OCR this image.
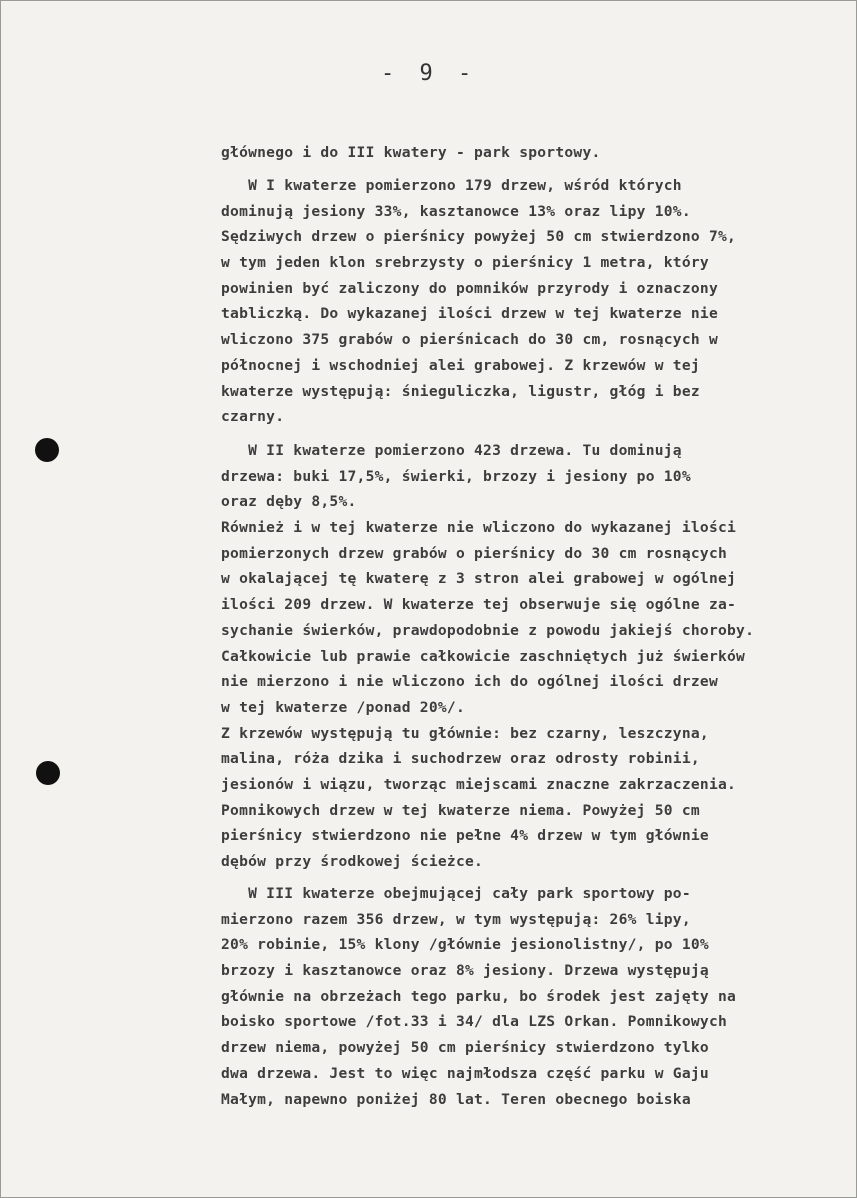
- 9 -
głównego i do III kwatery - park sportowy.
W I kwaterze pomierzono 179 drzew, wśród których
dominują jesiony 33%, kasztanowce 13% oraz lipy 10%.
Sędziwych drzew o pierśnicy powyżej 50 cm stwierdzono 7%,
w tym jeden klon srebrzysty o pierśnicy 1 metra, który
powinien być zaliczony do pomników przyrody i oznaczony
tabliczką. Do wykazanej ilości drzew w tej kwaterze nie
wliczono 375 grabów o pierśnicach do 30 cm, rosnących w
północnej i wschodniej alei grabowej. Z krzewów w tej
kwaterze występują: śnieguliczka, ligustr, głóg i bez
czarny.
W II kwaterze pomierzono 423 drzewa. Tu dominują
drzewa: buki 17,5%, świerki, brzozy i jesiony po 10%
oraz dęby 8,5%.
Również i w tej kwaterze nie wliczono do wykazanej ilości
pomierzonych drzew grabów o pierśnicy do 30 cm rosnących
w okalającej tę kwaterę z 3 stron alei grabowej w ogólnej
ilości 209 drzew. W kwaterze tej obserwuje się ogólne za-
sychanie świerków, prawdopodobnie z powodu jakiejś choroby.
Całkowicie lub prawie całkowicie zaschniętych już świerków
nie mierzono i nie wliczono ich do ogólnej ilości drzew
w tej kwaterze /ponad 20%/.
Z krzewów występują tu głównie: bez czarny, leszczyna,
malina, róża dzika i suchodrzew oraz odrosty robinii,
jesionów i wiązu, tworząc miejscami znaczne zakrzaczenia.
Pomnikowych drzew w tej kwaterze niema. Powyżej 50 cm
pierśnicy stwierdzono nie pełne 4% drzew w tym głównie
dębów przy środkowej ścieżce.
W III kwaterze obejmującej cały park sportowy po-
mierzono razem 356 drzew, w tym występują: 26% lipy,
20% robinie, 15% klony /głównie jesionolistny/, po 10%
brzozy i kasztanowce oraz 8% jesiony. Drzewa występują
głównie na obrzeżach tego parku, bo środek jest zajęty na
boisko sportowe /fot.33 i 34/ dla LZS Orkan. Pomnikowych
drzew niema, powyżej 50 cm pierśnicy stwierdzono tylko
dwa drzewa. Jest to więc najmłodsza część parku w Gaju
Małym, napewno poniżej 80 lat. Teren obecnego boiska
